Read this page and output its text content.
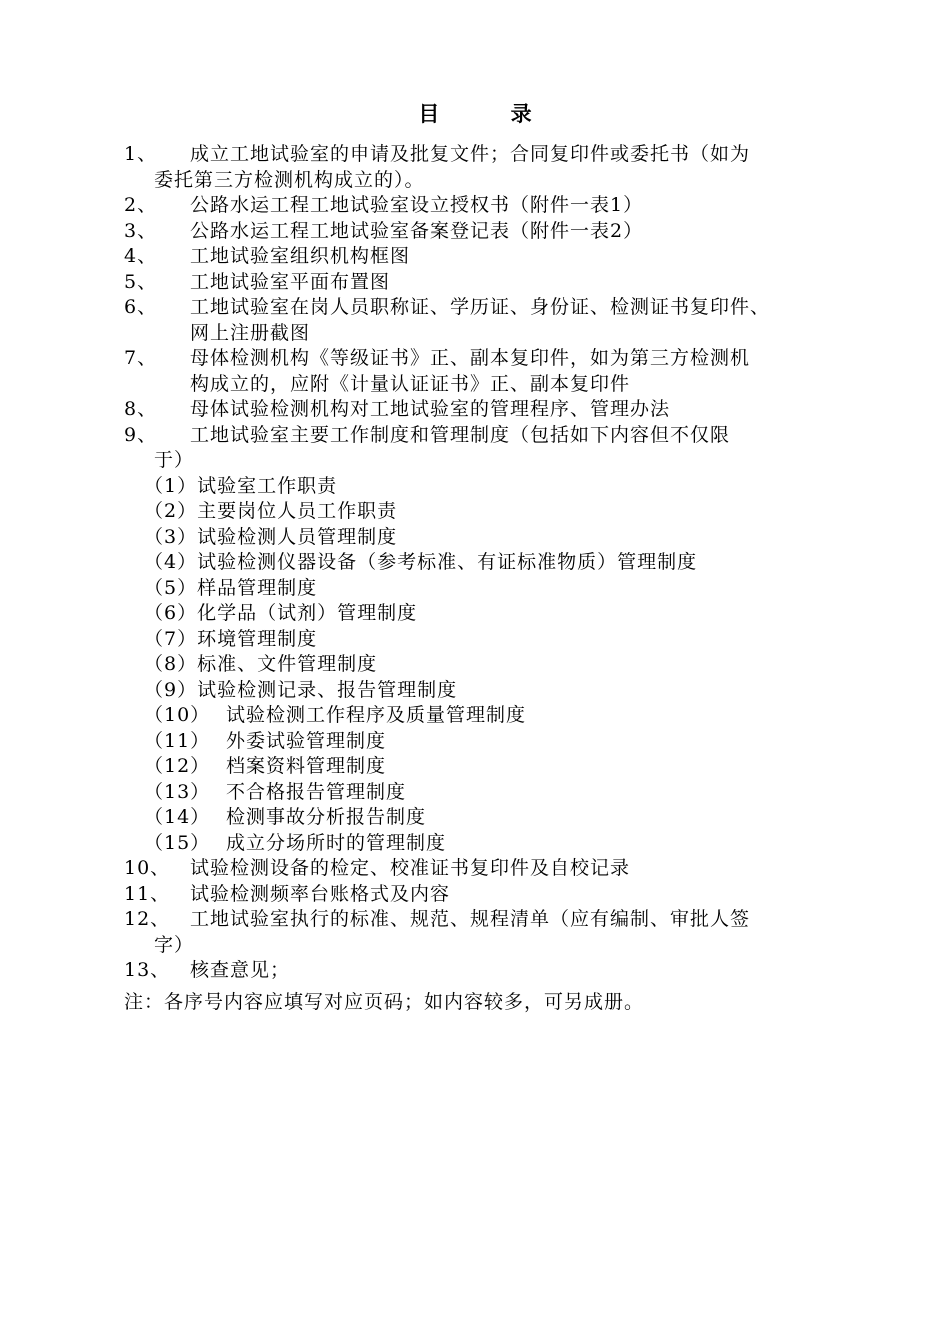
目 录
1、	成立工地试验室的申请及批复文件；合同复印件或委托书（如为
委托第三方检测机构成立的）。
2、	公路水运工程工地试验室设立授权书（附件一表1）
3、	公路水运工程工地试验室备案登记表（附件一表2）
4、	工地试验室组织机构框图
5、	工地试验室平面布置图
6、	工地试验室在岗人员职称证、学历证、身份证、检测证书复印件、
网上注册截图
7、	母体检测机构《等级证书》正、副本复印件，如为第三方检测机
构成立的，应附《计量认证证书》正、副本复印件
8、	母体试验检测机构对工地试验室的管理程序、管理办法
9、	工地试验室主要工作制度和管理制度（包括如下内容但不仅限
于）
（1） 试验室工作职责
（2） 主要岗位人员工作职责
（3） 试验检测人员管理制度
（4） 试验检测仪器设备（参考标准、有证标准物质）管理制度
（5） 样品管理制度
（6） 化学品（试剂）管理制度
（7） 环境管理制度
（8） 标准、文件管理制度
（9） 试验检测记录、报告管理制度
（10） 试验检测工作程序及质量管理制度
（11） 外委试验管理制度
（12） 档案资料管理制度
（13） 不合格报告管理制度
（14） 检测事故分析报告制度
（15） 成立分场所时的管理制度
10、	试验检测设备的检定、校准证书复印件及自校记录
11、	试验检测频率台账格式及内容
12、	工地试验室执行的标准、规范、规程清单（应有编制、审批人签
字）
13、	核查意见；
注：各序号内容应填写对应页码；如内容较多，可另成册。
